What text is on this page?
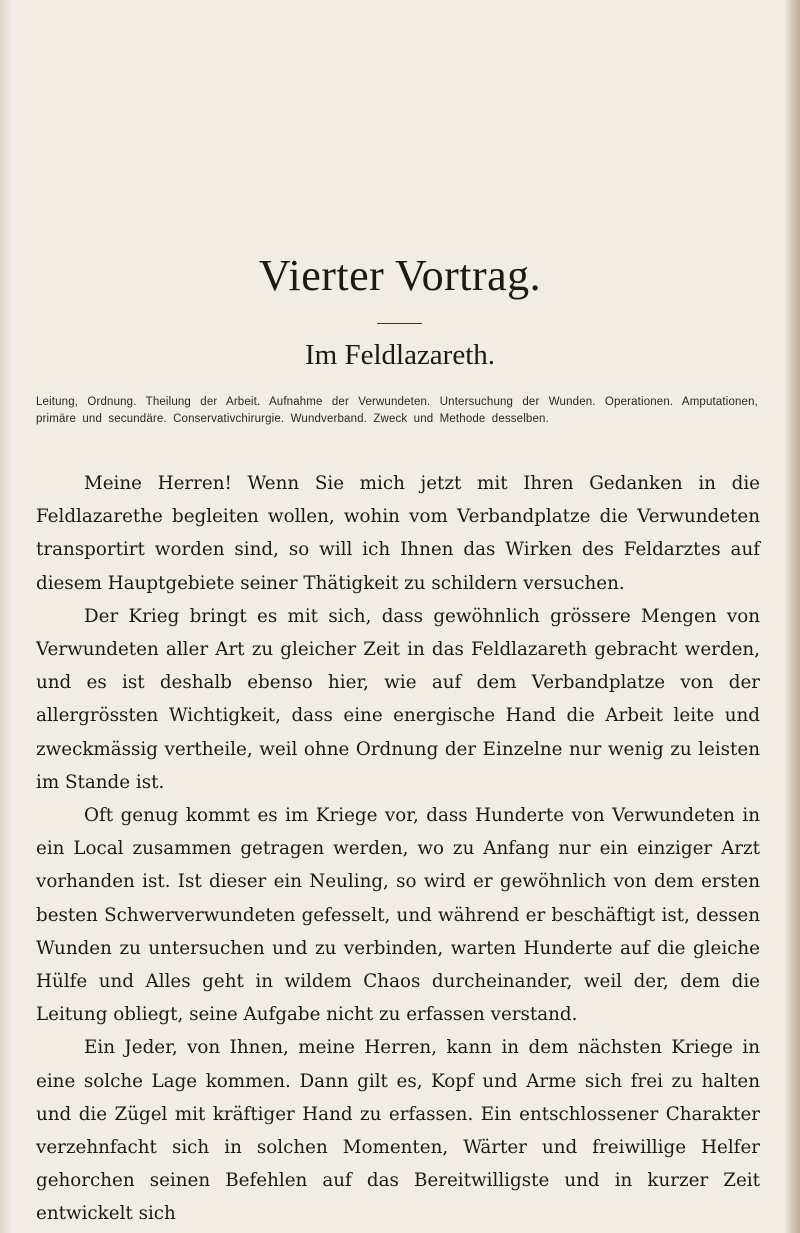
Vierter Vortrag.
Im Feldlazareth.

Leitung, Ordnung. Theilung der Arbeit. Aufnahme der Verwundeten. Untersuchung der Wunden. Operationen. Amputationen, primäre und secundäre. Conservativchirurgie. Wundverband. Zweck und Methode desselben.

Meine Herren! Wenn Sie mich jetzt mit Ihren Gedanken in die Feldlazarethe begleiten wollen, wohin vom Verbandplatze die Verwundeten transportirt worden sind, so will ich Ihnen das Wirken des Feldarztes auf diesem Hauptgebiete seiner Thätigkeit zu schildern versuchen.

Der Krieg bringt es mit sich, dass gewöhnlich grössere Mengen von Verwundeten aller Art zu gleicher Zeit in das Feldlazareth gebracht werden, und es ist deshalb ebenso hier, wie auf dem Verbandplatze von der allergrössten Wichtigkeit, dass eine energische Hand die Arbeit leite und zweckmässig vertheile, weil ohne Ordnung der Einzelne nur wenig zu leisten im Stande ist.

Oft genug kommt es im Kriege vor, dass Hunderte von Verwundeten in ein Local zusammen getragen werden, wo zu Anfang nur ein einziger Arzt vorhanden ist. Ist dieser ein Neuling, so wird er gewöhnlich von dem ersten besten Schwerverwundeten gefesselt, und während er beschäftigt ist, dessen Wunden zu untersuchen und zu verbinden, warten Hunderte auf die gleiche Hülfe und Alles geht in wildem Chaos durcheinander, weil der, dem die Leitung obliegt, seine Aufgabe nicht zu erfassen verstand.

Ein Jeder, von Ihnen, meine Herren, kann in dem nächsten Kriege in eine solche Lage kommen. Dann gilt es, Kopf und Arme sich frei zu halten und die Zügel mit kräftiger Hand zu erfassen. Ein entschlossener Charakter verzehnfacht sich in solchen Momenten, Wärter und freiwillige Helfer gehorchen seinen Befehlen auf das Bereitwilligste und in kurzer Zeit entwickelt sich
